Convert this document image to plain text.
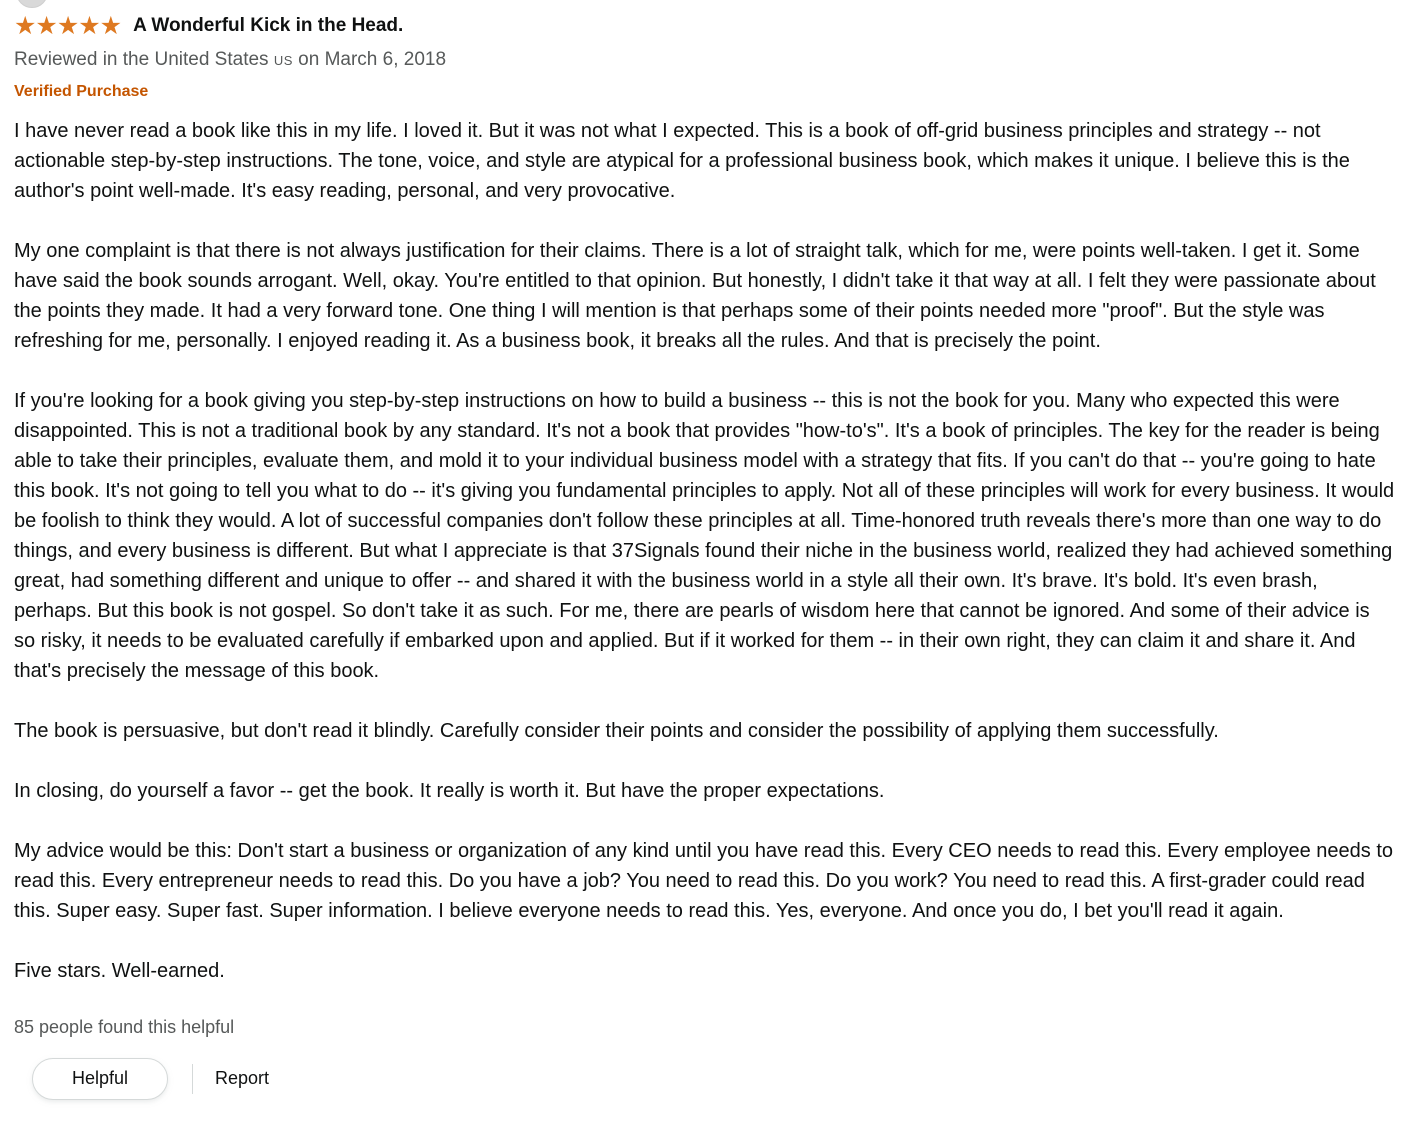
★★★★★ A Wonderful Kick in the Head.
Reviewed in the United States US on March 6, 2018
Verified Purchase

I have never read a book like this in my life. I loved it. But it was not what I expected. This is a book of off-grid business principles and strategy -- not actionable step-by-step instructions. The tone, voice, and style are atypical for a professional business book, which makes it unique. I believe this is the author's point well-made. It's easy reading, personal, and very provocative.

My one complaint is that there is not always justification for their claims. There is a lot of straight talk, which for me, were points well-taken. I get it. Some have said the book sounds arrogant. Well, okay. You're entitled to that opinion. But honestly, I didn't take it that way at all. I felt they were passionate about the points they made. It had a very forward tone. One thing I will mention is that perhaps some of their points needed more "proof". But the style was refreshing for me, personally. I enjoyed reading it. As a business book, it breaks all the rules. And that is precisely the point.

If you're looking for a book giving you step-by-step instructions on how to build a business -- this is not the book for you. Many who expected this were disappointed. This is not a traditional book by any standard. It's not a book that provides "how-to's". It's a book of principles. The key for the reader is being able to take their principles, evaluate them, and mold it to your individual business model with a strategy that fits. If you can't do that -- you're going to hate this book. It's not going to tell you what to do -- it's giving you fundamental principles to apply. Not all of these principles will work for every business. It would be foolish to think they would. A lot of successful companies don't follow these principles at all. Time-honored truth reveals there's more than one way to do things, and every business is different. But what I appreciate is that 37Signals found their niche in the business world, realized they had achieved something great, had something different and unique to offer -- and shared it with the business world in a style all their own. It's brave. It's bold. It's even brash, perhaps. But this book is not gospel. So don't take it as such. For me, there are pearls of wisdom here that cannot be ignored. And some of their advice is so risky, it needs to be evaluated carefully if embarked upon and applied. But if it worked for them -- in their own right, they can claim it and share it. And that's precisely the message of this book.

The book is persuasive, but don't read it blindly. Carefully consider their points and consider the possibility of applying them successfully.

In closing, do yourself a favor -- get the book. It really is worth it. But have the proper expectations.

My advice would be this: Don't start a business or organization of any kind until you have read this. Every CEO needs to read this. Every employee needs to read this. Every entrepreneur needs to read this. Do you have a job? You need to read this. Do you work? You need to read this. A first-grader could read this. Super easy. Super fast. Super information. I believe everyone needs to read this. Yes, everyone. And once you do, I bet you'll read it again.

Five stars. Well-earned.

85 people found this helpful
Helpful	Report
